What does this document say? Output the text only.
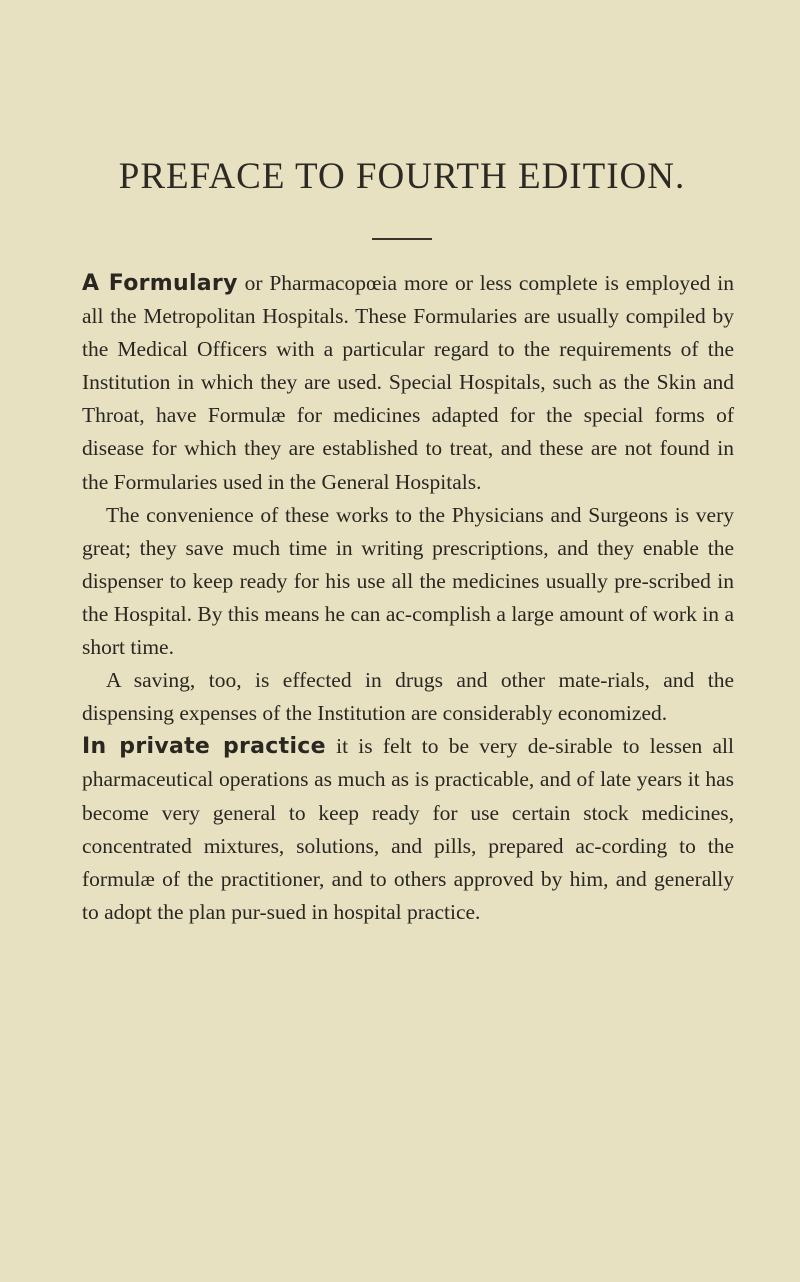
PREFACE TO FOURTH EDITION.

A Formulary or Pharmacopœia more or less complete is employed in all the Metropolitan Hospitals. These Formularies are usually compiled by the Medical Officers with a particular regard to the requirements of the Institution in which they are used. Special Hospitals, such as the Skin and Throat, have Formulæ for medicines adapted for the special forms of disease for which they are established to treat, and these are not found in the Formularies used in the General Hospitals.

The convenience of these works to the Physicians and Surgeons is very great; they save much time in writing prescriptions, and they enable the dispenser to keep ready for his use all the medicines usually pre-scribed in the Hospital. By this means he can ac-complish a large amount of work in a short time.

A saving, too, is effected in drugs and other mate-rials, and the dispensing expenses of the Institution are considerably economized.

In private practice it is felt to be very de-sirable to lessen all pharmaceutical operations as much as is practicable, and of late years it has become very general to keep ready for use certain stock medicines, concentrated mixtures, solutions, and pills, prepared ac-cording to the formulæ of the practitioner, and to others approved by him, and generally to adopt the plan pur-sued in hospital practice.
